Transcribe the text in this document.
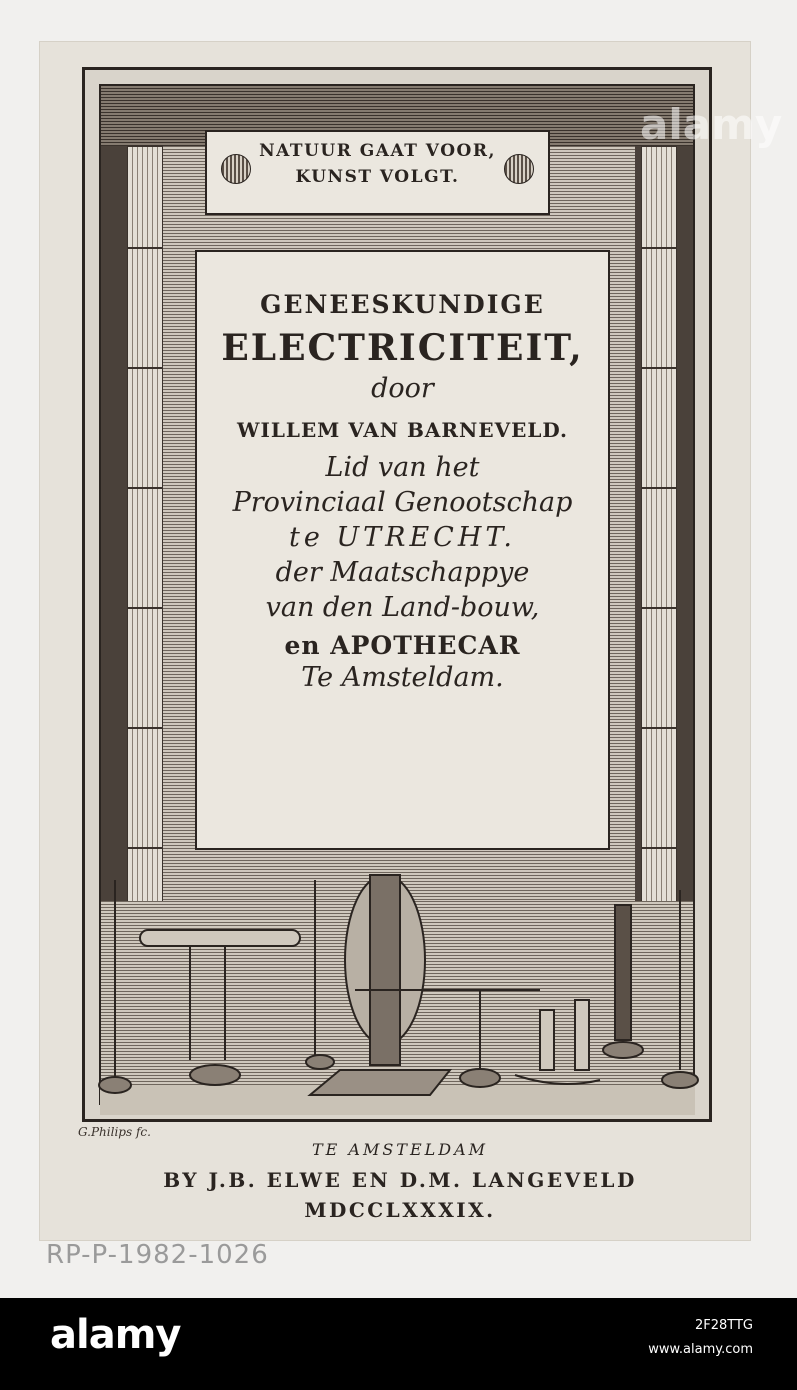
NATUUR GAAT VOOR,
KUNST VOLGT.
GENEESKUNDIGE
ELECTRICITEIT,
door
WILLEM VAN BARNEVELD.
Lid van het
Provinciaal Genootschap
te UTRECHT.
der Maatschappye
van den Land-bouw,
en APOTHECAR
Te Amsteldam.
G.Philips fc.
TE AMSTELDAM
BY J.B. ELWE EN D.M. LANGEVELD
MDCCLXXXIX.
RP-P-1982-1026
alamy
alamy	2F28TTG
www.alamy.com
